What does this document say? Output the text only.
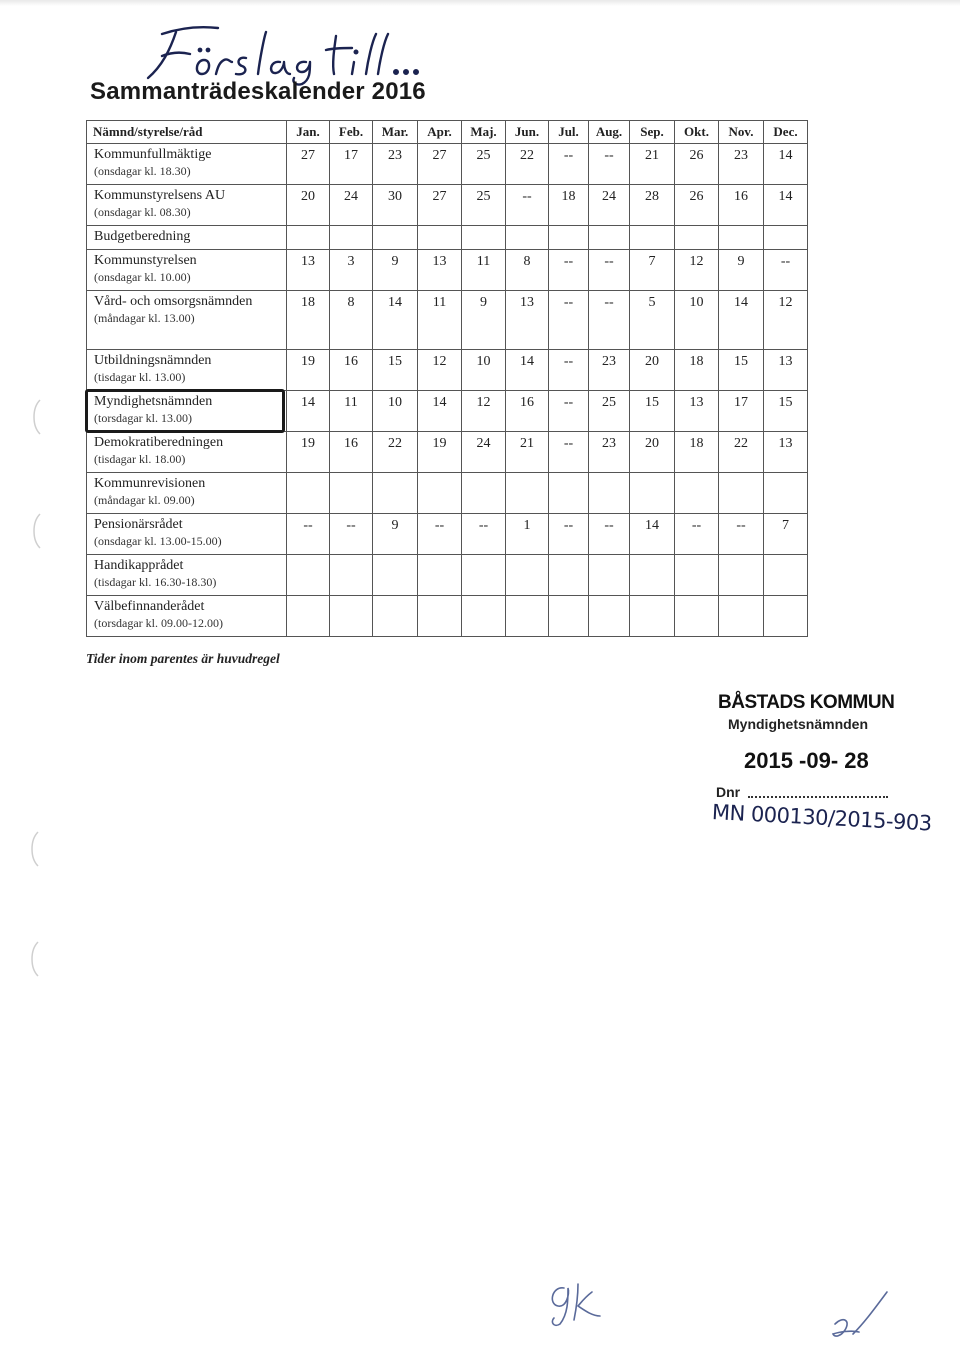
Sammanträdeskalender 2016
Nämnd/styrelse/råd	Jan.	Feb.	Mar.	Apr.	Maj.	Jun.	Jul.	Aug.	Sep.	Okt.	Nov.	Dec.

Kommunfullmäktige
(onsdagar kl. 18.30)	27	17	23	27	25	22	--	--	21	26	23	14

Kommunstyrelsens AU
(onsdagar kl. 08.30)	20	24	30	27	25	--	18	24	28	26	16	14

Budgetberedning												

Kommunstyrelsen
(onsdagar kl. 10.00)	13	3	9	13	11	8	--	--	7	12	9	--

Vård- och omsorgsnämnden
(måndagar kl. 13.00)	18	8	14	11	9	13	--	--	5	10	14	12

Utbildningsnämnden
(tisdagar kl. 13.00)	19	16	15	12	10	14	--	23	20	18	15	13

Myndighetsnämnden
(torsdagar kl. 13.00)	14	11	10	14	12	16	--	25	15	13	17	15

Demokratiberedningen
(tisdagar kl. 18.00)	19	16	22	19	24	21	--	23	20	18	22	13

Kommunrevisionen
(måndagar kl. 09.00)												

Pensionärsrådet
(onsdagar kl. 13.00-15.00)	--	--	9	--	--	1	--	--	14	--	--	7

Handikapprådet
(tisdagar kl. 16.30-18.30)												

Välbefinnanderådet
(torsdagar kl. 09.00-12.00)												

Tider inom parentes är huvudregel
BÅSTADS KOMMUN
Myndighetsnämnden
2015 -09- 28
Dnr
MN 000130/2015-903
